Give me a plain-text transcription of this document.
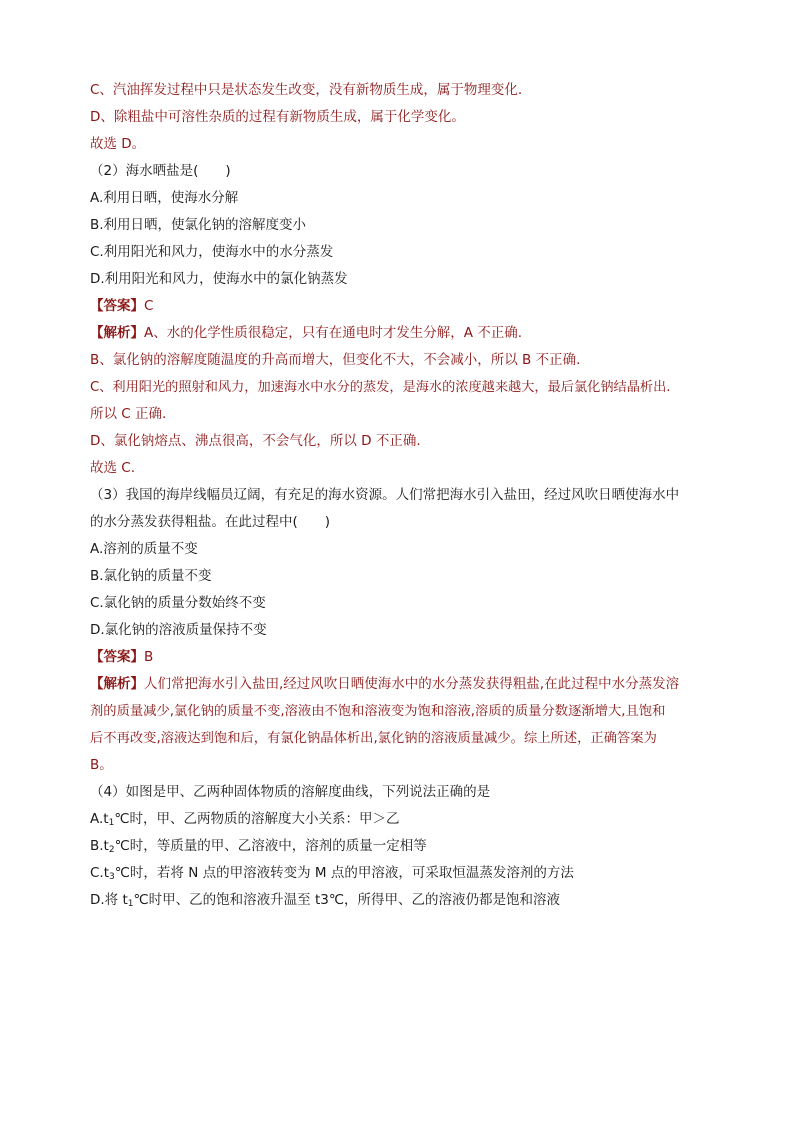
C、汽油挥发过程中只是状态发生改变，没有新物质生成，属于物理变化.
D、除粗盐中可溶性杂质的过程有新物质生成，属于化学变化。
故选 D。
（2）海水晒盐是(　　)
A.利用日晒，使海水分解
B.利用日晒，使氯化钠的溶解度变小
C.利用阳光和风力，使海水中的水分蒸发
D.利用阳光和风力，使海水中的氯化钠蒸发
【答案】C
【解析】A、水的化学性质很稳定，只有在通电时才发生分解，A 不正确.
B、氯化钠的溶解度随温度的升高而增大，但变化不大，不会减小，所以 B 不正确.
C、利用阳光的照射和风力，加速海水中水分的蒸发，是海水的浓度越来越大，最后氯化钠结晶析出.
所以 C 正确.
D、氯化钠熔点、沸点很高，不会气化，所以 D 不正确.
故选 C.
（3）我国的海岸线幅员辽阔，有充足的海水资源。人们常把海水引入盐田，经过风吹日晒使海水中
的水分蒸发获得粗盐。在此过程中(　　)
A.溶剂的质量不变
B.氯化钠的质量不变
C.氯化钠的质量分数始终不变
D.氯化钠的溶液质量保持不变
【答案】B
【解析】人们常把海水引入盐田,经过风吹日晒使海水中的水分蒸发获得粗盐,在此过程中水分蒸发溶
剂的质量减少,氯化钠的质量不变,溶液由不饱和溶液变为饱和溶液,溶质的质量分数逐渐增大,且饱和
后不再改变,溶液达到饱和后，有氯化钠晶体析出,氯化钠的溶液质量减少。综上所述，正确答案为
B。
（4）如图是甲、乙两种固体物质的溶解度曲线，下列说法正确的是
$A.t_1℃$时，甲、乙两物质的溶解度大小关系：甲＞乙
$B.t_2℃$时，等质量的甲、乙溶液中，溶剂的质量一定相等
$C.t_3℃$时，若将 N 点的甲溶液转变为 M 点的甲溶液，可采取恒温蒸发溶剂的方法
D.将 $t_1℃$时甲、乙的饱和溶液升温至 t3℃，所得甲、乙的溶液仍都是饱和溶液
